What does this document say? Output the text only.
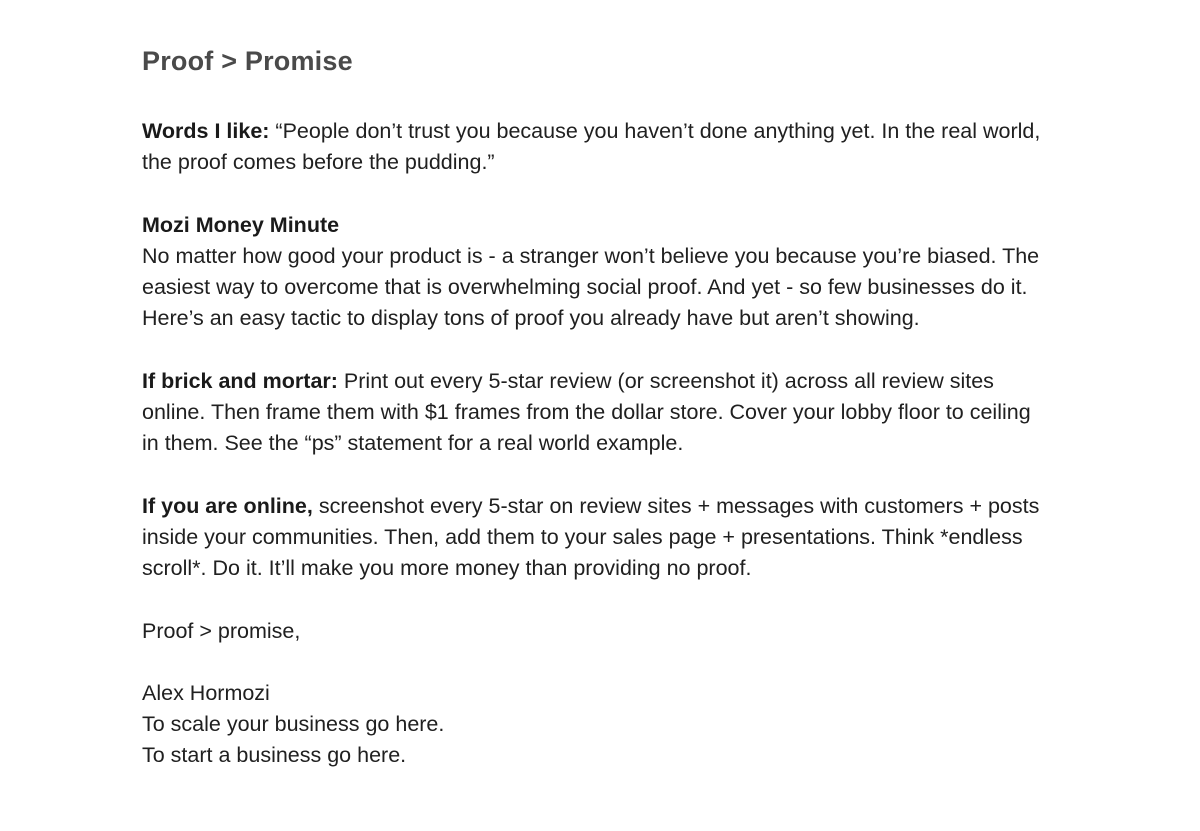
Proof > Promise

Words I like: “People don’t trust you because you haven’t done anything yet. In the real world, the proof comes before the pudding.”

Mozi Money Minute
No matter how good your product is - a stranger won’t believe you because you’re biased. The easiest way to overcome that is overwhelming social proof. And yet - so few businesses do it. Here’s an easy tactic to display tons of proof you already have but aren’t showing.

If brick and mortar: Print out every 5-star review (or screenshot it) across all review sites online. Then frame them with $1 frames from the dollar store. Cover your lobby floor to ceiling in them. See the “ps” statement for a real world example.

If you are online, screenshot every 5-star on review sites + messages with customers + posts inside your communities. Then, add them to your sales page + presentations. Think *endless scroll*. Do it. It’ll make you more money than providing no proof.

Proof > promise,

Alex Hormozi
To scale your business go here.
To start a business go here.
